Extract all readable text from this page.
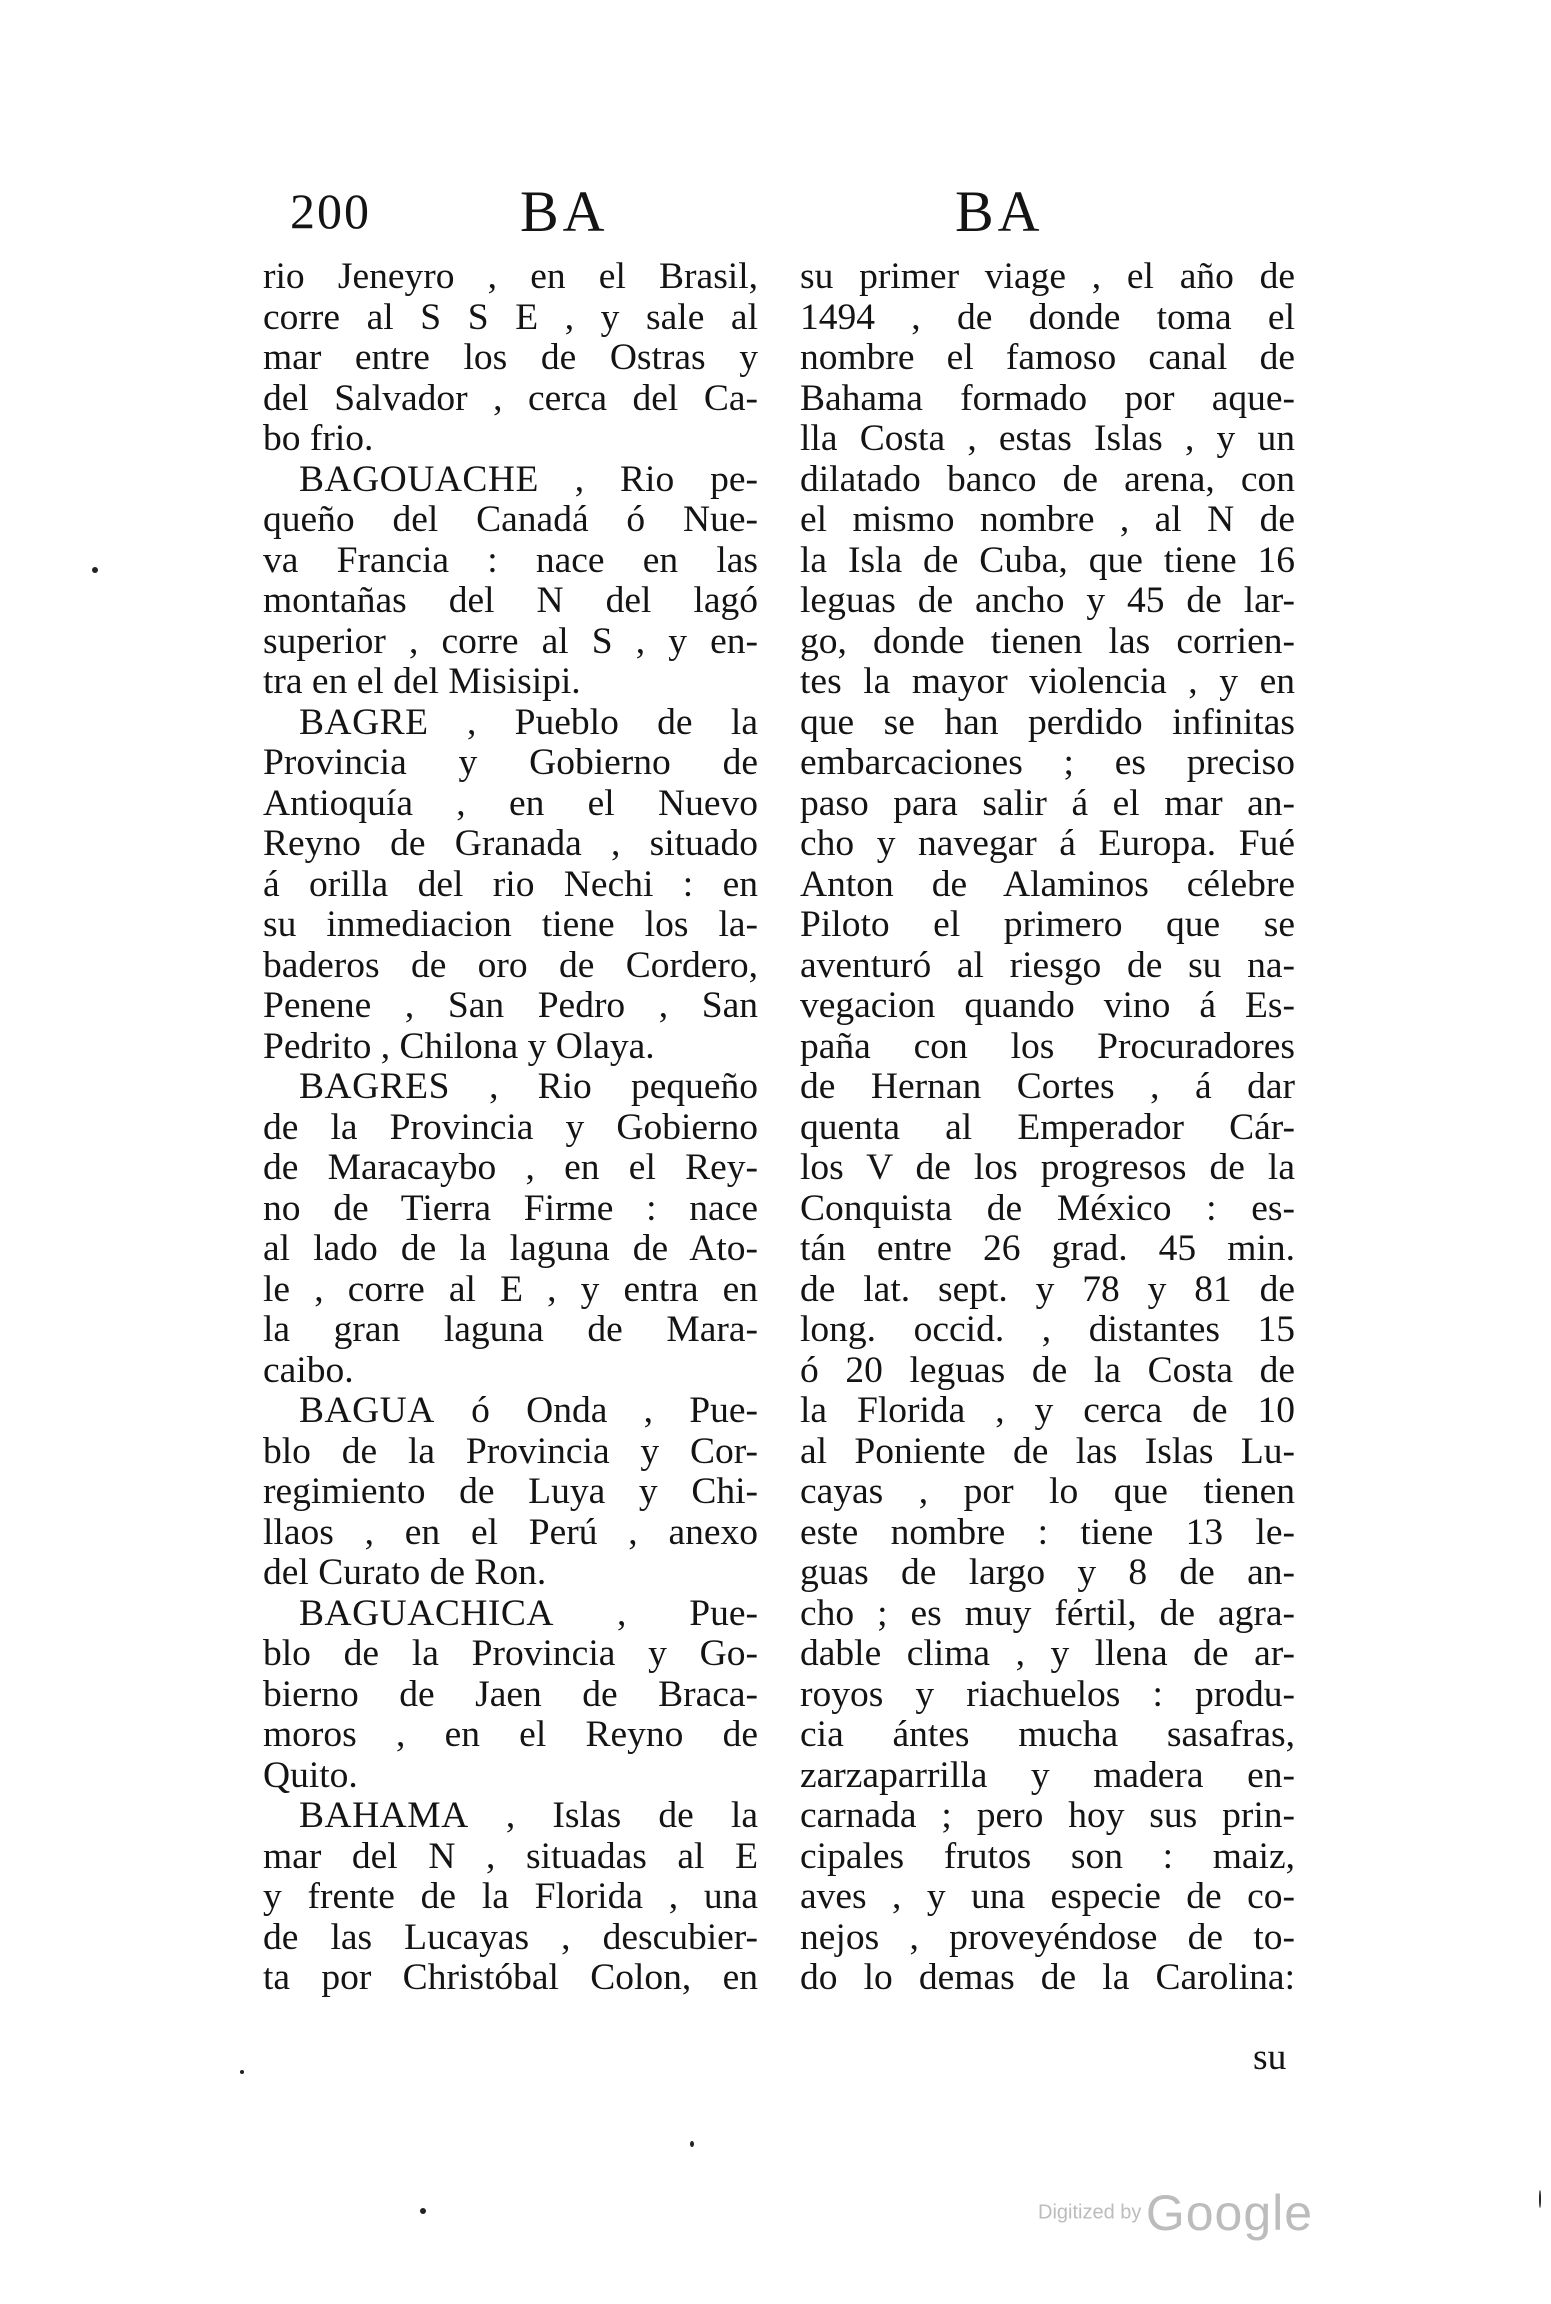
200	BA	BA
rio Jeneyro , en el Brasil,
corre al S S E , y sale al
mar entre los de Ostras y
del Salvador , cerca del Ca-
bo frio.
BAGOUACHE , Rio pe-
queño del Canadá ó Nue-
va Francia : nace en las
montañas del N del lagó
superior , corre al S , y en-
tra en el del Misisipi.
BAGRE , Pueblo de la
Provincia y Gobierno de
Antioquía , en el Nuevo
Reyno de Granada , situado
á orilla del rio Nechi : en
su inmediacion tiene los la-
baderos de oro de Cordero,
Penene , San Pedro , San
Pedrito , Chilona y Olaya.
BAGRES , Rio pequeño
de la Provincia y Gobierno
de Maracaybo , en el Rey-
no de Tierra Firme : nace
al lado de la laguna de Ato-
le , corre al E , y entra en
la gran laguna de Mara-
caibo.
BAGUA ó Onda , Pue-
blo de la Provincia y Cor-
regimiento de Luya y Chi-
llaos , en el Perú , anexo
del Curato de Ron.
BAGUACHICA , Pue-
blo de la Provincia y Go-
bierno de Jaen de Braca-
moros , en el Reyno de
Quito.
BAHAMA , Islas de la
mar del N , situadas al E
y frente de la Florida , una
de las Lucayas , descubier-
ta por Christóbal Colon, en
su primer viage , el año de
1494 , de donde toma el
nombre el famoso canal de
Bahama formado por aque-
lla Costa , estas Islas , y un
dilatado banco de arena, con
el mismo nombre , al N de
la Isla de Cuba, que tiene 16
leguas de ancho y 45 de lar-
go, donde tienen las corrien-
tes la mayor violencia , y en
que se han perdido infinitas
embarcaciones ; es preciso
paso para salir á el mar an-
cho y navegar á Europa. Fué
Anton de Alaminos célebre
Piloto el primero que se
aventuró al riesgo de su na-
vegacion quando vino á Es-
paña con los Procuradores
de Hernan Cortes , á dar
quenta al Emperador Cár-
los V de los progresos de la
Conquista de México : es-
tán entre 26 grad. 45 min.
de lat. sept. y 78 y 81 de
long. occid. , distantes 15
ó 20 leguas de la Costa de
la Florida , y cerca de 10
al Poniente de las Islas Lu-
cayas , por lo que tienen
este nombre : tiene 13 le-
guas de largo y 8 de an-
cho ; es muy fértil, de agra-
dable clima , y llena de ar-
royos y riachuelos : produ-
cia ántes mucha sasafras,
zarzaparrilla y madera en-
carnada ; pero hoy sus prin-
cipales frutos son : maiz,
aves , y una especie de co-
nejos , proveyéndose de to-
do lo demas de la Carolina:
su
Digitized by Google
